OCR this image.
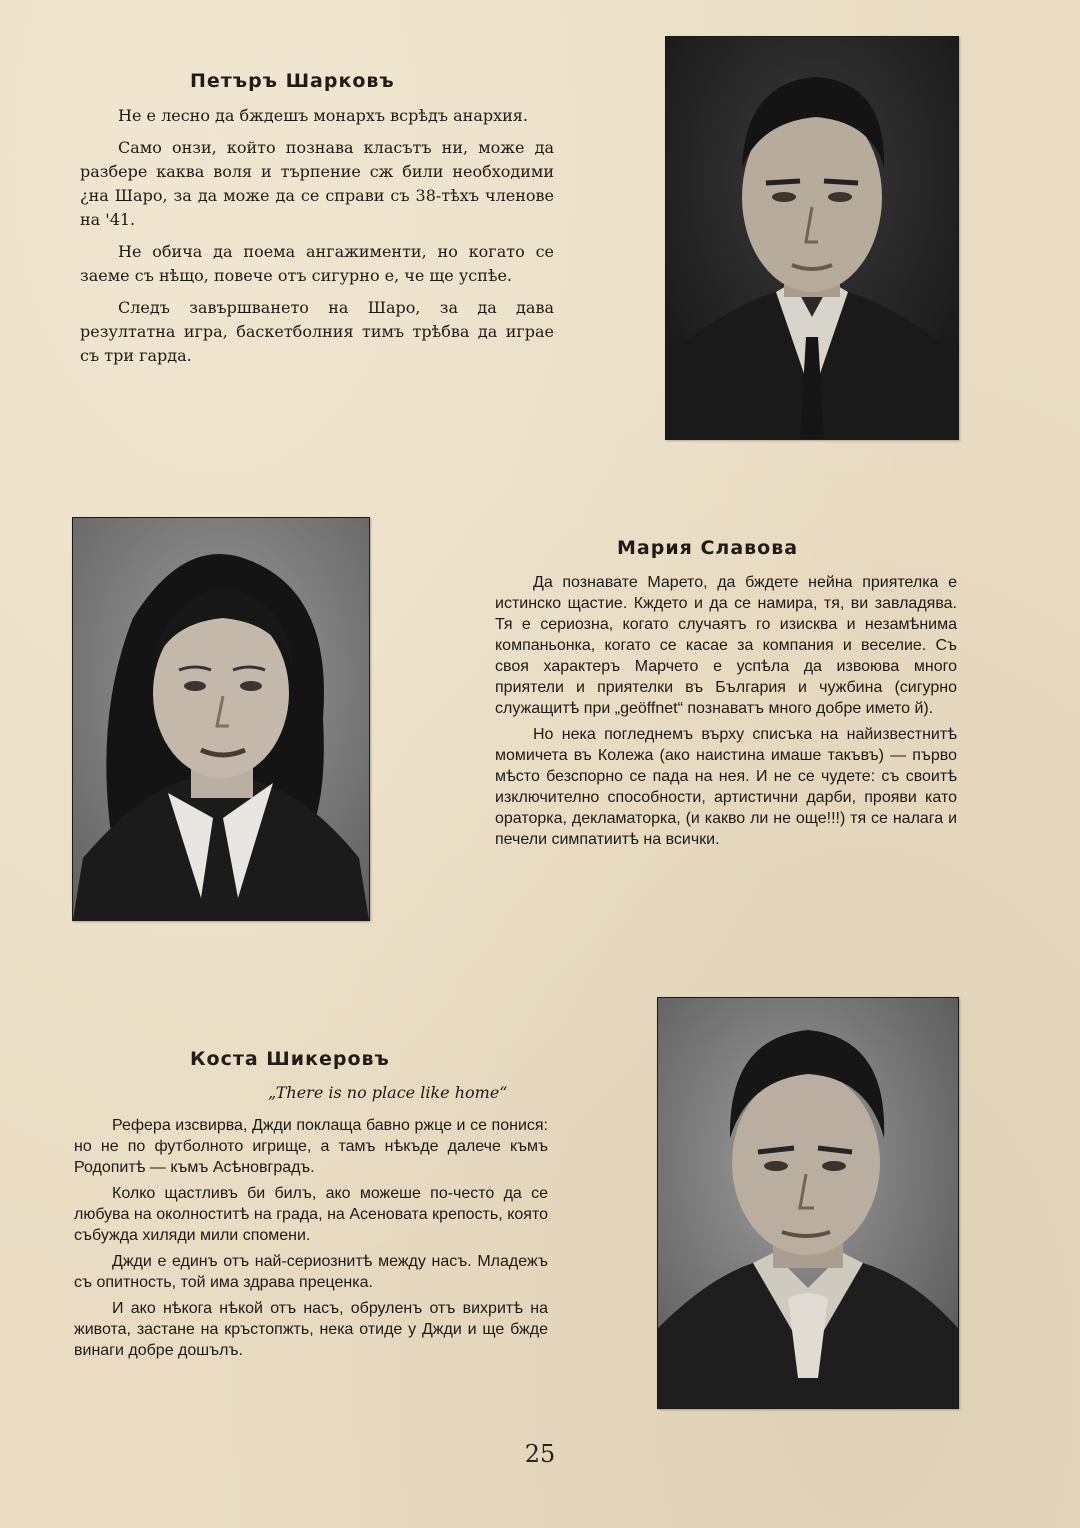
Петъръ Шарковъ

Не е лесно да бждешъ монархъ всрѣдъ анархия.

Само онзи, който познава класътъ ни, може да разбере каква воля и търпение сж били необходими ¿на Шаро, за да може да се справи съ 38-тѣхъ членове на '41.

Не обича да поема ангажименти, но когато се заеме съ нѣщо, повече отъ сигурно е, че ще успѣе.

Следъ завършването на Шаро, за да дава резултатна игра, баскетболния тимъ трѣбва да играе съ три гарда.

Мария Славова

Да познавате Марето, да бждете нейна приятелка е истинско щастие. Кждето и да се намира, тя, ви завладява. Тя е сериозна, когато случаятъ го изисква и незамѣнима компаньонка, когато се касае за компания и веселие. Съ своя характеръ Марчето е успѣла да извоюва много приятели и приятелки въ България и чужбина (сигурно служащитѣ при „geöffnet“ познаватъ много добре името й).

Но нека погледнемъ върху списъка на найизвестнитѣ момичета въ Колежа (ако наистина имаше такъвъ) — първо мѣсто безспорно се пада на нея. И не се чудете: съ своитѣ изключително способности, артистични дарби, прояви като ораторка, декламаторка, (и какво ли не още!!!) тя се налага и печели симпатиитѣ на всички.

Коста Шикеровъ
„There is no place like home“

Рефера изсвирва, Джди поклаща бавно ржце и се понися: но не по футболното игрище, а тамъ нѣкъде далече къмъ Родопитѣ — къмъ Асѣновградъ.

Колко щастливъ би билъ, ако можеше по-често да се любува на околноститѣ на града, на Асеновата крепость, която събужда хиляди мили спомени.

Джди е единъ отъ най-сериознитѣ между насъ. Младежъ съ опитность, той има здрава преценка.

И ако нѣкога нѣкой отъ насъ, обруленъ отъ вихритѣ на живота, застане на кръстопжть, нека отиде у Джди и ще бжде винаги добре дошълъ.

25
